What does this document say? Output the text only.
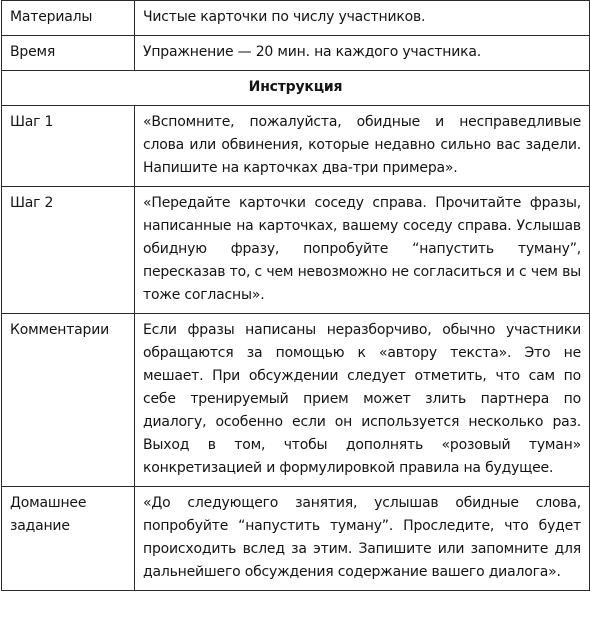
Материалы	Чистые карточки по числу участников.
Время	Упражнение — 20 мин. на каждого участника.
Инструкция	
Шаг 1	«Вспомните, пожалуйста, обидные и несправедливые слова или обвинения, которые недавно сильно вас задели. Напишите на карточках два-три примера».
Шаг 2	«Передайте карточки соседу справа. Прочитайте фразы, написанные на карточках, вашему соседу справа. Услышав обидную фразу, попробуйте “напустить туману”, пересказав то, с чем невозможно не согласиться и с чем вы тоже согласны».
Комментарии	Если фразы написаны неразборчиво, обычно участники обращаются за помощью к «автору текста». Это не мешает. При обсуждении следует отметить, что сам по себе тренируемый прием может злить партнера по диалогу, особенно если он используется несколько раз. Выход в том, чтобы дополнять «розовый туман» конкретизацией и формулировкой правила на будущее.
Домашнее задание	«До следующего занятия, услышав обидные слова, попробуйте “напустить туману”. Проследите, что будет происходить вслед за этим. Запишите или запомните для дальнейшего обсуждения содержание вашего диалога».
